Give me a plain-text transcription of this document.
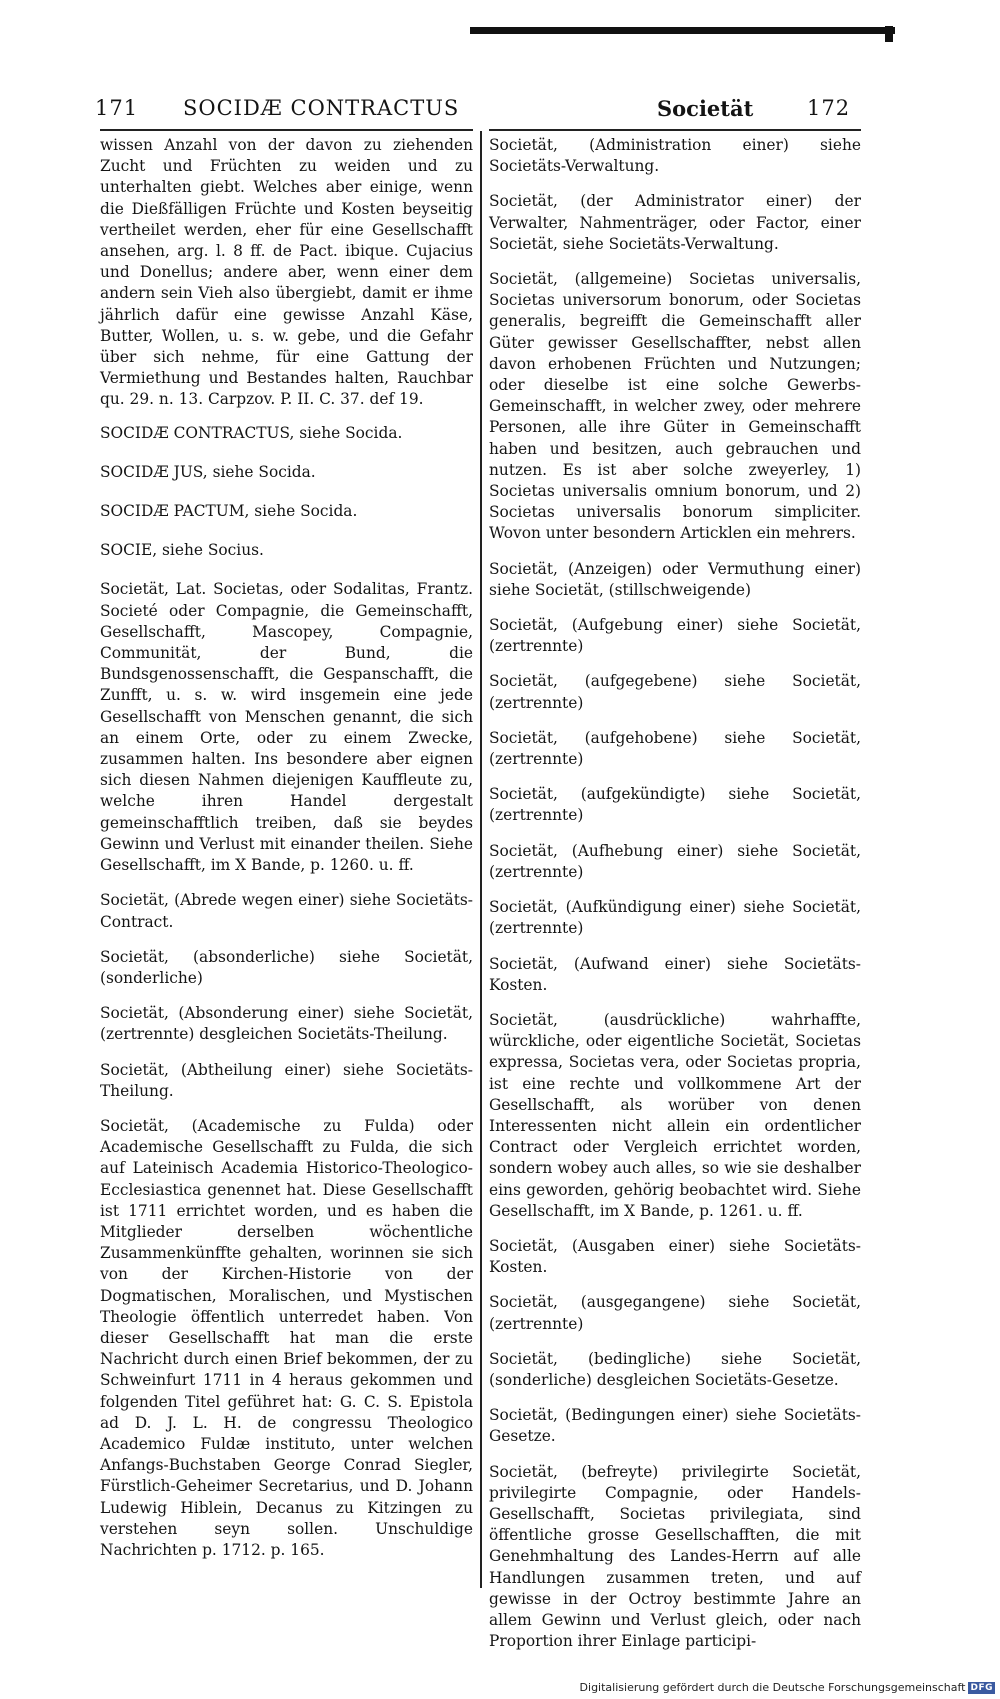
171 SOCIDÆ CONTRACTUS	Societät	172

wissen Anzahl von der davon zu ziehenden Zucht und Früchten zu weiden und zu unterhalten giebt. Welches aber einige, wenn die Dießfälligen Früchte und Kosten beyseitig vertheilet werden, eher für eine Gesellschafft ansehen, arg. l. 8 ff. de Pact. ibique. Cujacius und Donellus; andere aber, wenn einer dem andern sein Vieh also übergiebt, damit er ihme jährlich dafür eine gewisse Anzahl Käse, Butter, Wollen, u. s. w. gebe, und die Gefahr über sich nehme, für eine Gattung der Vermiethung und Bestandes halten, Rauchbar qu. 29. n. 13. Carpzov. P. II. C. 37. def 19.

SOCIDÆ CONTRACTUS, siehe Socida.

SOCIDÆ JUS, siehe Socida.

SOCIDÆ PACTUM, siehe Socida.

SOCIE, siehe Socius.

Societät, Lat. Societas, oder Sodalitas, Frantz. Societé oder Compagnie, die Gemeinschafft, Gesellschafft, Mascopey, Compagnie, Communität, der Bund, die Bundsgenossenschafft, die Gespanschafft, die Zunfft, u. s. w. wird insgemein eine jede Gesellschafft von Menschen genannt, die sich an einem Orte, oder zu einem Zwecke, zusammen halten. Ins besondere aber eignen sich diesen Nahmen diejenigen Kauffleute zu, welche ihren Handel dergestalt gemeinschafftlich treiben, daß sie beydes Gewinn und Verlust mit einander theilen. Siehe Gesellschafft, im X Bande, p. 1260. u. ff.

Societät, (Abrede wegen einer) siehe Societäts-Contract.

Societät, (absonderliche) siehe Societät, (sonderliche)

Societät, (Absonderung einer) siehe Societät, (zertrennte) desgleichen Societäts-Theilung.

Societät, (Abtheilung einer) siehe Societäts-Theilung.

Societät, (Academische zu Fulda) oder Academische Gesellschafft zu Fulda, die sich auf Lateinisch Academia Historico-Theologico-Ecclesiastica genennet hat. Diese Gesellschafft ist 1711 errichtet worden, und es haben die Mitglieder derselben wöchentliche Zusammenkünffte gehalten, worinnen sie sich von der Kirchen-Historie von der Dogmatischen, Moralischen, und Mystischen Theologie öffentlich unterredet haben. Von dieser Gesellschafft hat man die erste Nachricht durch einen Brief bekommen, der zu Schweinfurt 1711 in 4 heraus gekommen und folgenden Titel geführet hat: G. C. S. Epistola ad D. J. L. H. de congressu Theologico Academico Fuldæ instituto, unter welchen Anfangs-Buchstaben George Conrad Siegler, Fürstlich-Geheimer Secretarius, und D. Johann Ludewig Hiblein, Decanus zu Kitzingen zu verstehen seyn sollen. Unschuldige Nachrichten p. 1712. p. 165.

Societät, (Administration einer) siehe Societäts-Verwaltung.

Societät, (der Administrator einer) der Verwalter, Nahmenträger, oder Factor, einer Societät, siehe Societäts-Verwaltung.

Societät, (allgemeine) Societas universalis, Societas universorum bonorum, oder Societas generalis, begreifft die Gemeinschafft aller Güter gewisser Gesellschaffter, nebst allen davon erhobenen Früchten und Nutzungen; oder dieselbe ist eine solche Gewerbs-Gemeinschafft, in welcher zwey, oder mehrere Personen, alle ihre Güter in Gemeinschafft haben und besitzen, auch gebrauchen und nutzen. Es ist aber solche zweyerley, 1) Societas universalis omnium bonorum, und 2) Societas universalis bonorum simpliciter. Wovon unter besondern Articklen ein mehrers.

Societät, (Anzeigen) oder Vermuthung einer) siehe Societät, (stillschweigende)

Societät, (Aufgebung einer) siehe Societät, (zertrennte)

Societät, (aufgegebene) siehe Societät, (zertrennte)

Societät, (aufgehobene) siehe Societät, (zertrennte)

Societät, (aufgekündigte) siehe Societät, (zertrennte)

Societät, (Aufhebung einer) siehe Societät, (zertrennte)

Societät, (Aufkündigung einer) siehe Societät, (zertrennte)

Societät, (Aufwand einer) siehe Societäts-Kosten.

Societät, (ausdrückliche) wahrhaffte, würckliche, oder eigentliche Societät, Societas expressa, Societas vera, oder Societas propria, ist eine rechte und vollkommene Art der Gesellschafft, als worüber von denen Interessenten nicht allein ein ordentlicher Contract oder Vergleich errichtet worden, sondern wobey auch alles, so wie sie deshalber eins geworden, gehörig beobachtet wird. Siehe Gesellschafft, im X Bande, p. 1261. u. ff.

Societät, (Ausgaben einer) siehe Societäts-Kosten.

Societät, (ausgegangene) siehe Societät, (zertrennte)

Societät, (bedingliche) siehe Societät, (sonderliche) desgleichen Societäts-Gesetze.

Societät, (Bedingungen einer) siehe Societäts-Gesetze.

Societät, (befreyte) privilegirte Societät, privilegirte Compagnie, oder Handels-Gesellschafft, Societas privilegiata, sind öffentliche grosse Gesellschafften, die mit Genehmhaltung des Landes-Herrn auf alle Handlungen zusammen treten, und auf gewisse in der Octroy bestimmte Jahre an allem Gewinn und Verlust gleich, oder nach Proportion ihrer Einlage participi-

Digitalisierung gefördert durch die Deutsche Forschungsgemeinschaft DFG
